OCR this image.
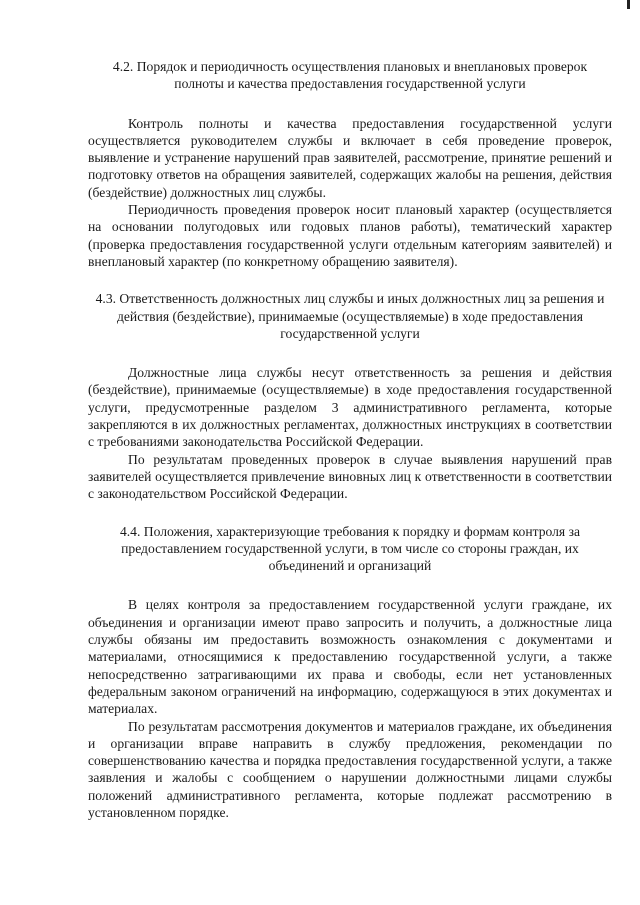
4.2. Порядок и периодичность осуществления плановых и внеплановых проверок полноты и качества предоставления государственной услуги

Контроль полноты и качества предоставления государственной услуги осуществляется руководителем службы и включает в себя проведение проверок, выявление и устранение нарушений прав заявителей, рассмотрение, принятие решений и подготовку ответов на обращения заявителей, содержащих жалобы на решения, действия (бездействие) должностных лиц службы.

Периодичность проведения проверок носит плановый характер (осуществляется на основании полугодовых или годовых планов работы), тематический характер (проверка предоставления государственной услуги отдельным категориям заявителей) и внеплановый характер (по конкретному обращению заявителя).

4.3. Ответственность должностных лиц службы и иных должностных лиц за решения и действия (бездействие), принимаемые (осуществляемые) в ходе предоставления государственной услуги

Должностные лица службы несут ответственность за решения и действия (бездействие), принимаемые (осуществляемые) в ходе предоставления государственной услуги, предусмотренные разделом 3 административного регламента, которые закрепляются в их должностных регламентах, должностных инструкциях в соответствии с требованиями законодательства Российской Федерации.

По результатам проведенных проверок в случае выявления нарушений прав заявителей осуществляется привлечение виновных лиц к ответственности в соответствии с законодательством Российской Федерации.

4.4. Положения, характеризующие требования к порядку и формам контроля за предоставлением государственной услуги, в том числе со стороны граждан, их объединений и организаций

В целях контроля за предоставлением государственной услуги граждане, их объединения и организации имеют право запросить и получить, а должностные лица службы обязаны им предоставить возможность ознакомления с документами и материалами, относящимися к предоставлению государственной услуги, а также непосредственно затрагивающими их права и свободы, если нет установленных федеральным законом ограничений на информацию, содержащуюся в этих документах и материалах.

По результатам рассмотрения документов и материалов граждане, их объединения и организации вправе направить в службу предложения, рекомендации по совершенствованию качества и порядка предоставления государственной услуги, а также заявления и жалобы с сообщением о нарушении должностными лицами службы положений административного регламента, которые подлежат рассмотрению в установленном порядке.
